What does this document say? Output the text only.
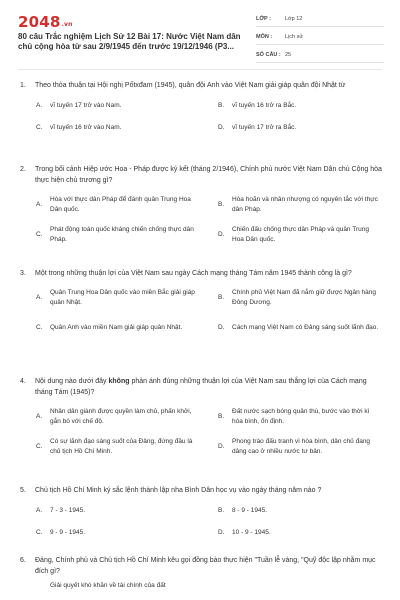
2048.vn
80 câu Trắc nghiệm Lịch Sử 12 Bài 17: Nước Việt Nam dân chủ cộng hòa từ sau 2/9/1945 đến trước 19/12/1946 (P3...
LỚP :	Lớp 12
MÔN :	Lịch sử
SỐ CÂU : 25
1.	Theo thỏa thuận tại Hội nghị Pốtxđam (1945), quân đội Anh vào Việt Nam giải giáp quân đội Nhật từ
A.	vĩ tuyến 17 trở vào Nam.	B.	vĩ tuyến 16 trở ra Bắc.
C.	vĩ tuyến 16 trở vào Nam.	D.	vĩ tuyến 17 trở ra Bắc.
2.	Trong bối cảnh Hiệp ước Hoa - Pháp được ký kết (tháng 2/1946), Chính phủ nước Việt Nam Dân chủ Cộng hòa thực hiện chủ trương gì?
A.
Hòa với thực dân Pháp để đánh quân Trung Hoa Dân quốc.
B.
Hòa hoãn và nhân nhượng có nguyên tắc với thực dân Pháp.
C.
Phát động toàn quốc kháng chiến chống thực dân Pháp.
D.
Chiến đấu chống thực dân Pháp và quân Trung Hoa Dân quốc.
3.	Một trong những thuận lợi của Việt Nam sau ngày Cách mạng tháng Tám năm 1945 thành công là gì?
A.
Quân Trung Hoa Dân quốc vào miền Bắc giải giáp quân Nhật.
B.
Chính phủ Việt Nam đã nắm giữ được Ngân hàng Đông Dương.
C.	Quân Anh vào miền Nam giải giáp quân Nhật.	D.	Cách mạng Việt Nam có Đảng sáng suốt lãnh đạo.
4.	Nội dung nào dưới đây không phản ánh đúng những thuận lợi của Việt Nam sau thắng lợi của Cách mạng tháng Tám (1945)?
A.
Nhân dân giành được quyền làm chủ, phấn khởi, gắn bó với chế độ.
B.
Đất nước sạch bóng quân thù, bước vào thời kì hòa bình, ổn định.
C.
Có sự lãnh đạo sáng suốt của Đảng, đứng đầu là chủ tịch Hồ Chí Minh.
D.
Phong trào đấu tranh vì hòa bình, dân chủ đang dâng cao ở nhiều nước tư bản.
5.	Chủ tịch Hồ Chí Minh ký sắc lệnh thành lập nha Bình Dân học vụ vào ngày tháng năm nào ?
A.	7 - 3 - 1945.	B.	8 - 9 - 1945.
C.	9 - 9 - 1945.	D.	10 - 9 - 1945.
6.	Đảng, Chính phủ và Chủ tịch Hồ Chí Minh kêu gọi đồng bào thực hiện "Tuần lễ vàng, "Quỹ độc lập nhằm mục đích gì?
Giải quyết khó khăn về tài chính của đất
